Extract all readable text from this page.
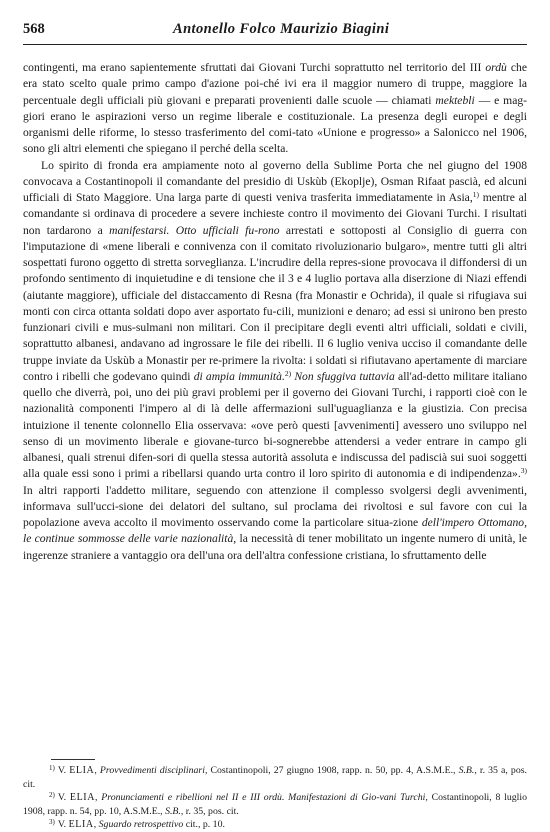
568	Antonello Folco Maurizio Biagini

contingenti, ma erano sapientemente sfruttati dai Giovani Turchi soprattutto nel territorio del III ordù che era stato scelto quale primo campo d'azione poi-ché ivi era il maggior numero di truppe, maggiore la percentuale degli ufficiali più giovani e preparati provenienti dalle scuole — chiamati mektebli — e mag-giori erano le aspirazioni verso un regime liberale e costituzionale. La presenza degli europei e degli organismi delle riforme, lo stesso trasferimento del comi-tato «Unione e progresso» a Salonicco nel 1906, sono gli altri elementi che spiegano il perché della scelta.

Lo spirito di fronda era ampiamente noto al governo della Sublime Porta che nel giugno del 1908 convocava a Costantinopoli il comandante del presidio di Uskùb (Ekoplje), Osman Rifaat pascià, ed alcuni ufficiali di Stato Maggiore. Una larga parte di questi veniva trasferita immediatamente in Asia,$^{1)}$ mentre al comandante si ordinava di procedere a severe inchieste contro il movimento dei Giovani Turchi. I risultati non tardarono a manifestarsi. Otto ufficiali fu-rono arrestati e sottoposti al Consiglio di guerra con l'imputazione di «mene liberali e connivenza con il comitato rivoluzionario bulgaro», mentre tutti gli altri sospettati furono oggetto di stretta sorveglianza. L'incrudire della repres-sione provocava il diffondersi di un profondo sentimento di inquietudine e di tensione che il 3 e 4 luglio portava alla diserzione di Niazi effendi (aiutante maggiore), ufficiale del distaccamento di Resna (fra Monastir e Ochrida), il quale si rifugiava sui monti con circa ottanta soldati dopo aver asportato fu-cili, munizioni e denaro; ad essi si unirono ben presto funzionari civili e mus-sulmani non militari. Con il precipitare degli eventi altri ufficiali, soldati e civili, soprattutto albanesi, andavano ad ingrossare le file dei ribelli. Il 6 luglio veniva ucciso il comandante delle truppe inviate da Uskùb a Monastir per re-primere la rivolta: i soldati si rifiutavano apertamente di marciare contro i ribelli che godevano quindi di ampia immunità.$^{2)}$ Non sfuggiva tuttavia all'ad-detto militare italiano quello che diverrà, poi, uno dei più gravi problemi per il governo dei Giovani Turchi, i rapporti cioè con le nazionalità componenti l'impero al di là delle affermazioni sull'uguaglianza e la giustizia. Con precisa intuizione il tenente colonnello Elia osservava: «ove però questi [avvenimenti] avessero uno sviluppo nel senso di un movimento liberale e giovane-turco bi-sognerebbe attendersi a veder entrare in campo gli albanesi, quali strenui difen-sori di quella stessa autorità assoluta e indiscussa del padiscià sui suoi soggetti alla quale essi sono i primi a ribellarsi quando urta contro il loro spirito di autonomia e di indipendenza».$^{3)}$ In altri rapporti l'addetto militare, seguendo con attenzione il complesso svolgersi degli avvenimenti, informava sull'ucci-sione dei delatori del sultano, sul proclama dei rivoltosi e sul favore con cui la popolazione aveva accolto il movimento osservando come la particolare situa-zione dell'impero Ottomano, le continue sommosse delle varie nazionalità, la necessità di tener mobilitato un ingente numero di unità, le ingerenze straniere a vantaggio ora dell'una ora dell'altra confessione cristiana, lo sfruttamento delle

$^{1)}$ V. ELIA, Provvedimenti disciplinari, Costantinopoli, 27 giugno 1908, rapp. n. 50, pp. 4, A.S.M.E., S.B., r. 35 a, pos. cit.

$^{2)}$ V. ELIA, Pronunciamenti e ribellioni nel II e III ordù. Manifestazioni di Gio-vani Turchi, Costantinopoli, 8 luglio 1908, rapp. n. 54, pp. 10, A.S.M.E., S.B., r. 35, pos. cit.

$^{3)}$ V. ELIA, Sguardo retrospettivo cit., p. 10.
